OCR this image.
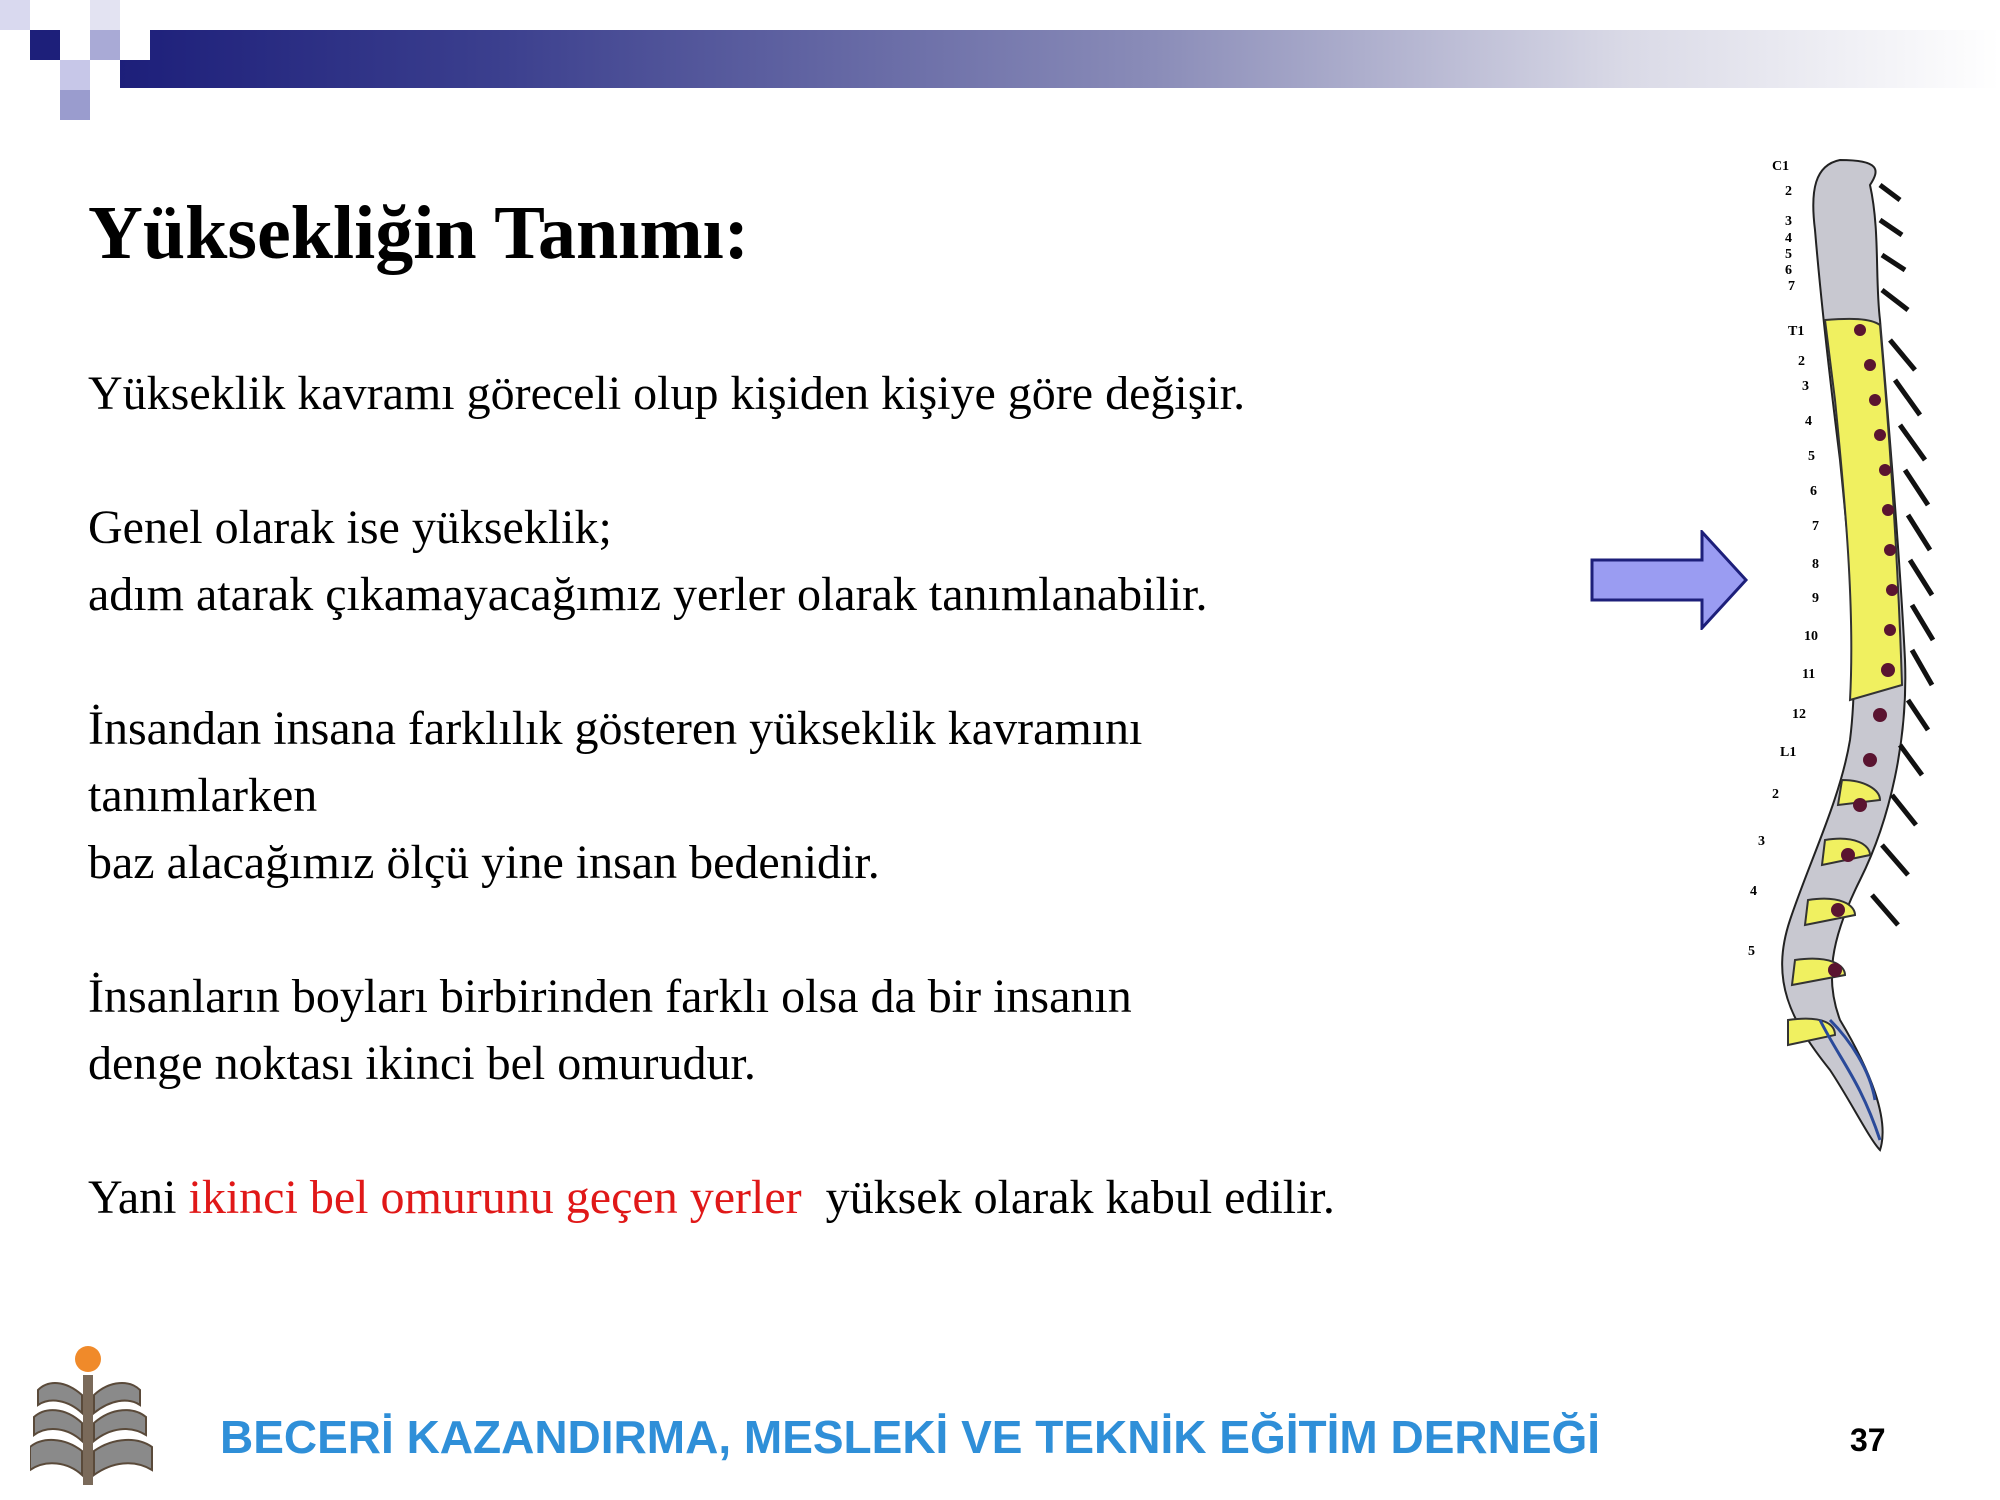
Yüksekliğin Tanımı:

Yükseklik kavramı göreceli olup kişiden kişiye göre değişir.

Genel olarak ise yükseklik;

adım atarak çıkamayacağımız yerler olarak tanımlanabilir.

İnsandan insana farklılık gösteren yükseklik kavramını

tanımlarken

baz alacağımız ölçü yine insan bedenidir.

İnsanların boyları birbirinden farklı olsa da bir insanın

denge noktası ikinci bel omurudur.

Yani ikinci bel omurunu geçen yerler yüksek olarak kabul edilir.

C1
2
3
4
5
6
7
T1
2
3
4
5
6
7
8
9
10
11
12
L1
2
3
4
5
BECERİ KAZANDIRMA, MESLEKİ VE TEKNİK EĞİTİM DERNEĞİ	37
